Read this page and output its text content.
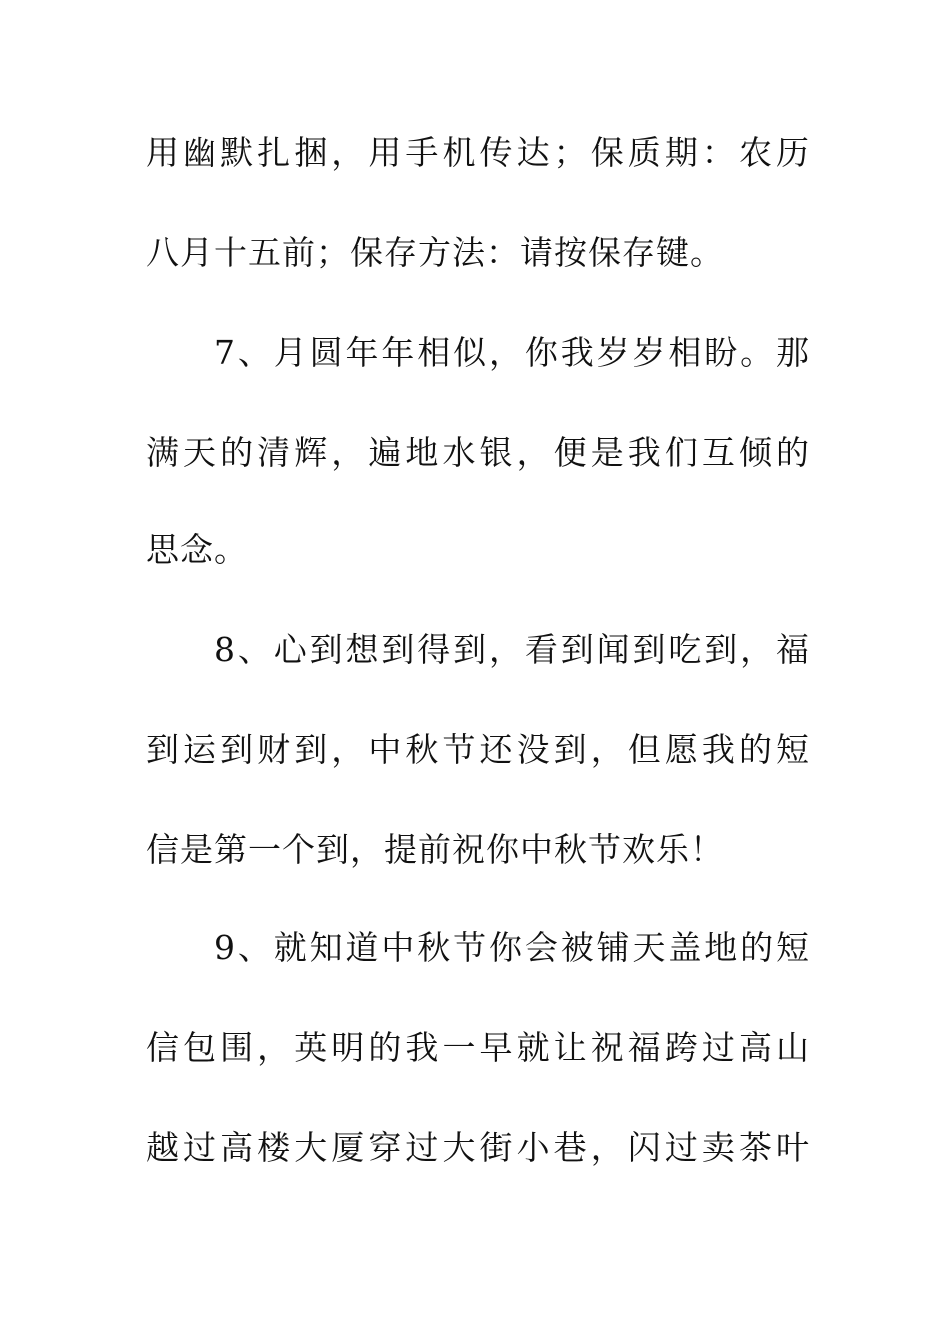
用幽默扎捆，用手机传达；保质期：农历
八月十五前；保存方法：请按保存键。
7、月圆年年相似，你我岁岁相盼。那
满天的清辉，遍地水银，便是我们互倾的
思念。
8、心到想到得到，看到闻到吃到，福
到运到财到，中秋节还没到，但愿我的短
信是第一个到，提前祝你中秋节欢乐！
9、就知道中秋节你会被铺天盖地的短
信包围，英明的我一早就让祝福跨过高山
越过高楼大厦穿过大街小巷，闪过卖茶叶
